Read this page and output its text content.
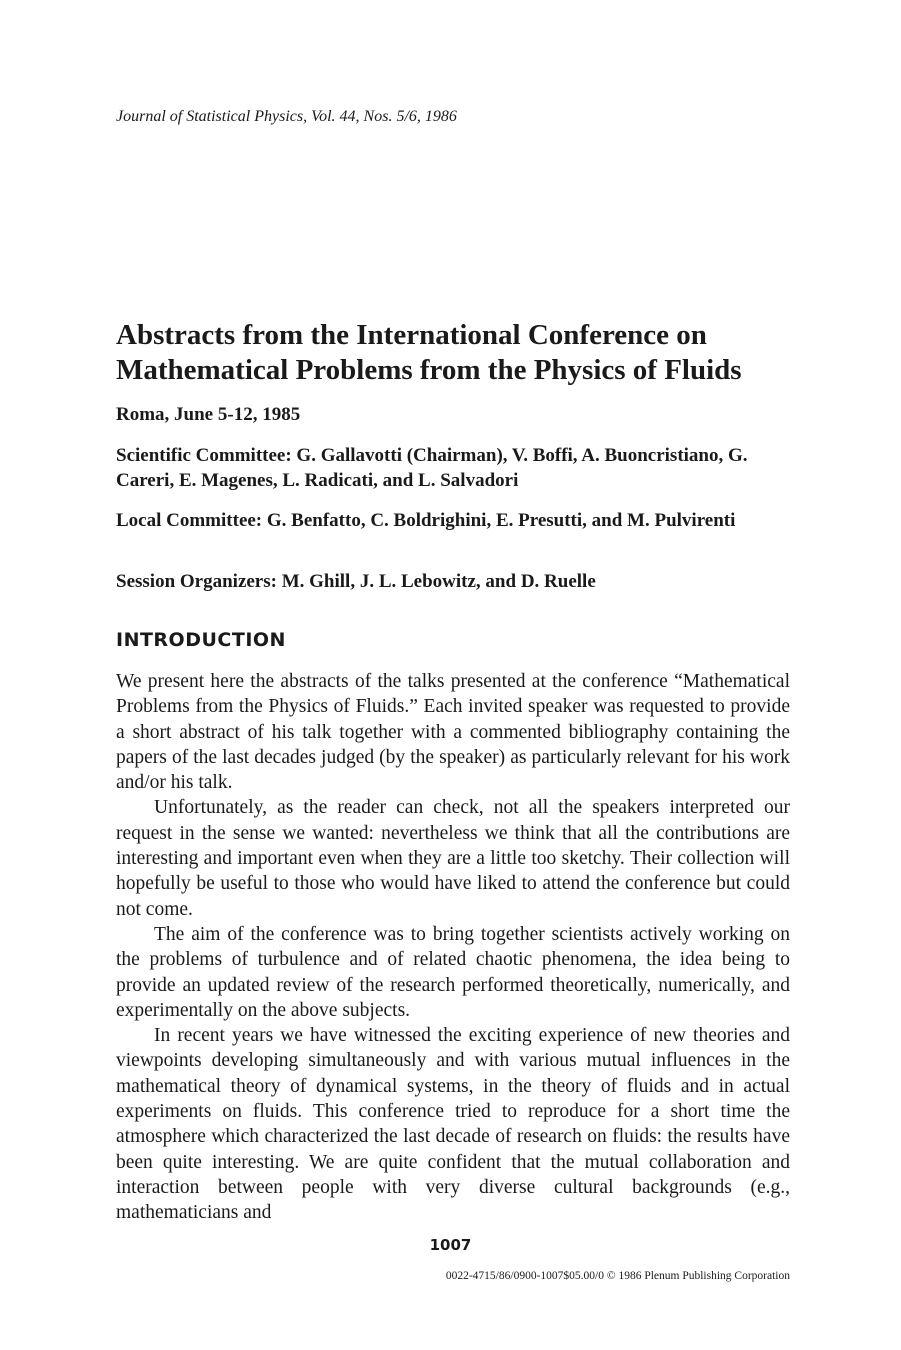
Journal of Statistical Physics, Vol. 44, Nos. 5/6, 1986
Abstracts from the International Conference on Mathematical Problems from the Physics of Fluids
Roma, June 5-12, 1985
Scientific Committee: G. Gallavotti (Chairman), V. Boffi, A. Buoncristiano, G. Careri, E. Magenes, L. Radicati, and L. Salvadori
Local Committee: G. Benfatto, C. Boldrighini, E. Presutti, and M. Pulvirenti
Session Organizers: M. Ghill, J. L. Lebowitz, and D. Ruelle
INTRODUCTION

We present here the abstracts of the talks presented at the conference “Mathematical Problems from the Physics of Fluids.” Each invited speaker was requested to provide a short abstract of his talk together with a commented bibliography containing the papers of the last decades judged (by the speaker) as particularly relevant for his work and/or his talk.

Unfortunately, as the reader can check, not all the speakers interpreted our request in the sense we wanted: nevertheless we think that all the contributions are interesting and important even when they are a little too sketchy. Their collection will hopefully be useful to those who would have liked to attend the conference but could not come.

The aim of the conference was to bring together scientists actively working on the problems of turbulence and of related chaotic phenomena, the idea being to provide an updated review of the research performed theoretically, numerically, and experimentally on the above subjects.

In recent years we have witnessed the exciting experience of new theories and viewpoints developing simultaneously and with various mutual influences in the mathematical theory of dynamical systems, in the theory of fluids and in actual experiments on fluids. This conference tried to reproduce for a short time the atmosphere which characterized the last decade of research on fluids: the results have been quite interesting. We are quite confident that the mutual collaboration and interaction between people with very diverse cultural backgrounds (e.g., mathematicians and

1007
0022-4715/86/0900-1007$05.00/0 © 1986 Plenum Publishing Corporation
